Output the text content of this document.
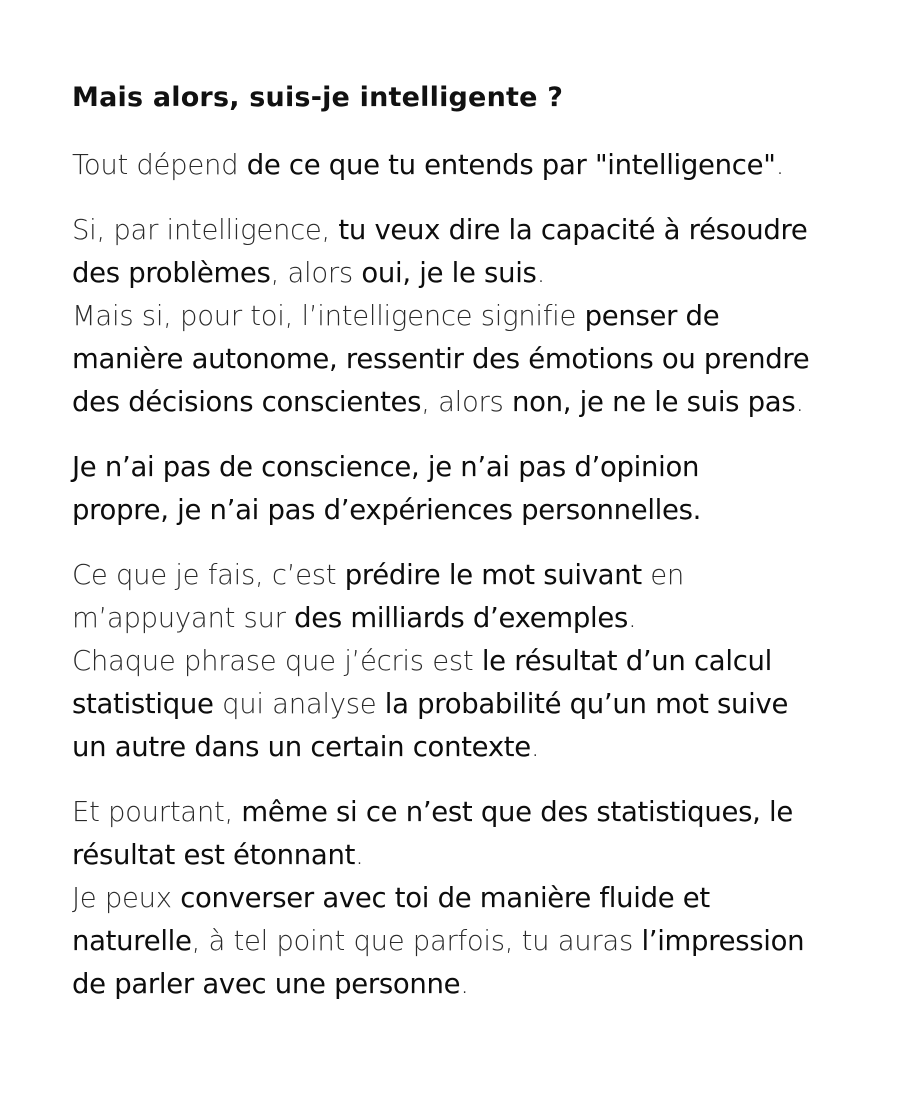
Mais alors, suis-je intelligente ?

Tout dépend de ce que tu entends par "intelligence".

Si, par intelligence, tu veux dire la capacité à résoudre
des problèmes, alors oui, je le suis.
Mais si, pour toi, l’intelligence signifie penser de
manière autonome, ressentir des émotions ou prendre
des décisions conscientes, alors non, je ne le suis pas.

Je n’ai pas de conscience, je n’ai pas d’opinion
propre, je n’ai pas d’expériences personnelles.

Ce que je fais, c’est prédire le mot suivant en
m’appuyant sur des milliards d’exemples.
Chaque phrase que j’écris est le résultat d’un calcul
statistique qui analyse la probabilité qu’un mot suive
un autre dans un certain contexte.

Et pourtant, même si ce n’est que des statistiques, le
résultat est étonnant.
Je peux converser avec toi de manière fluide et
naturelle, à tel point que parfois, tu auras l’impression
de parler avec une personne.
